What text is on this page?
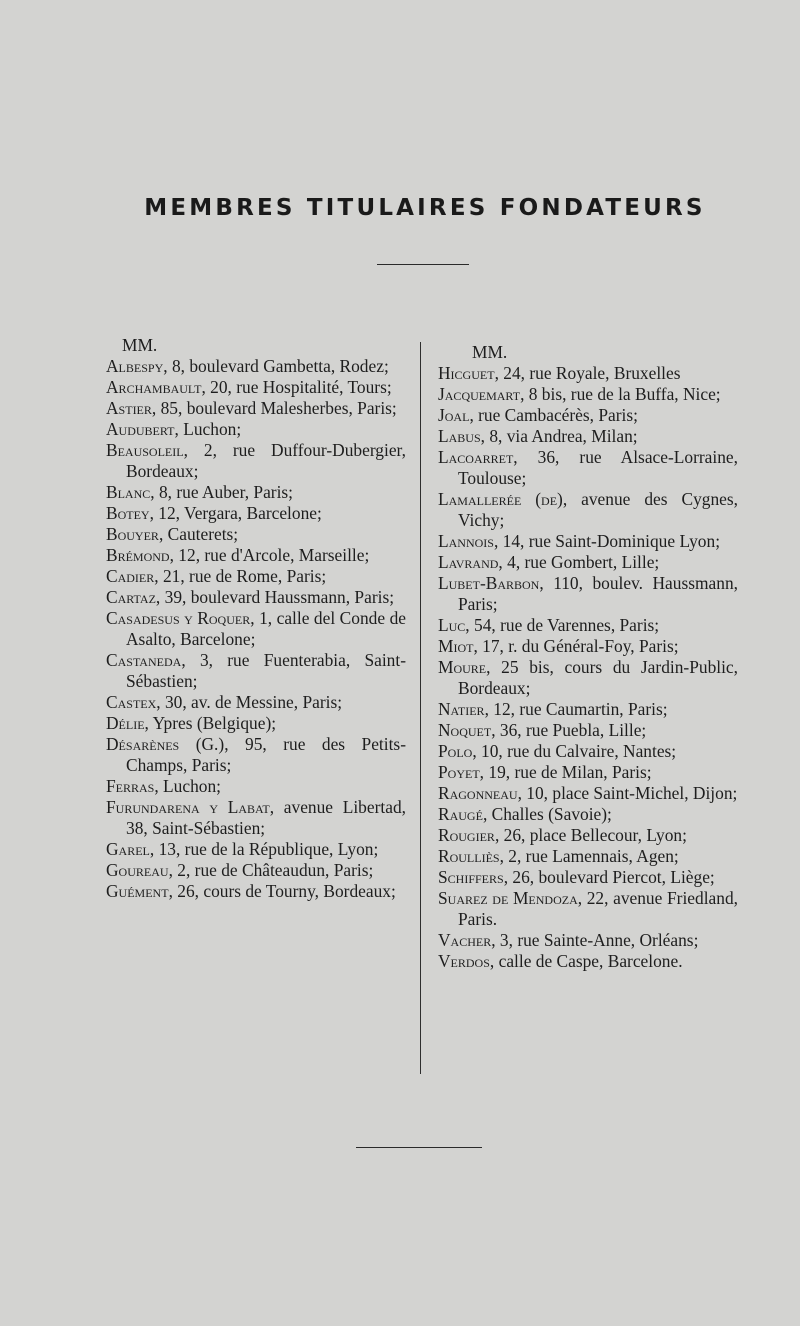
MEMBRES TITULAIRES FONDATEURS
MM.
Albespy, 8, boulevard Gambetta, Rodez;
Archambault, 20, rue Hospitalité, Tours;
Astier, 85, boulevard Malesherbes, Paris;
Audubert, Luchon;
Beausoleil, 2, rue Duffour-Dubergier, Bordeaux;
Blanc, 8, rue Auber, Paris;
Botey, 12, Vergara, Barcelone;
Bouyer, Cauterets;
Brémond, 12, rue d'Arcole, Marseille;
Cadier, 21, rue de Rome, Paris;
Cartaz, 39, boulevard Haussmann, Paris;
Casadesus y Roquer, 1, calle del Conde de Asalto, Barcelone;
Castaneda, 3, rue Fuenterabia, Saint-Sébastien;
Castex, 30, av. de Messine, Paris;
Délie, Ypres (Belgique);
Désarènes (G.), 95, rue des Petits-Champs, Paris;
Ferras, Luchon;
Furundarena y Labat, avenue Libertad, 38, Saint-Sébastien;
Garel, 13, rue de la République, Lyon;
Goureau, 2, rue de Châteaudun, Paris;
Guément, 26, cours de Tourny, Bordeaux;
MM.
Hicguet, 24, rue Royale, Bruxelles
Jacquemart, 8 bis, rue de la Buffa, Nice;
Joal, rue Cambacérès, Paris;
Labus, 8, via Andrea, Milan;
Lacoarret, 36, rue Alsace-Lorraine, Toulouse;
Lamallerée (de), avenue des Cygnes, Vichy;
Lannois, 14, rue Saint-Dominique Lyon;
Lavrand, 4, rue Gombert, Lille;
Lubet-Barbon, 110, boulev. Haussmann, Paris;
Luc, 54, rue de Varennes, Paris;
Miot, 17, r. du Général-Foy, Paris;
Moure, 25 bis, cours du Jardin-Public, Bordeaux;
Natier, 12, rue Caumartin, Paris;
Noquet, 36, rue Puebla, Lille;
Polo, 10, rue du Calvaire, Nantes;
Poyet, 19, rue de Milan, Paris;
Ragonneau, 10, place Saint-Michel, Dijon;
Raugé, Challes (Savoie);
Rougier, 26, place Bellecour, Lyon;
Roulliès, 2, rue Lamennais, Agen;
Schiffers, 26, boulevard Piercot, Liège;
Suarez de Mendoza, 22, avenue Friedland, Paris.
Vacher, 3, rue Sainte-Anne, Orléans;
Verdos, calle de Caspe, Barcelone.
